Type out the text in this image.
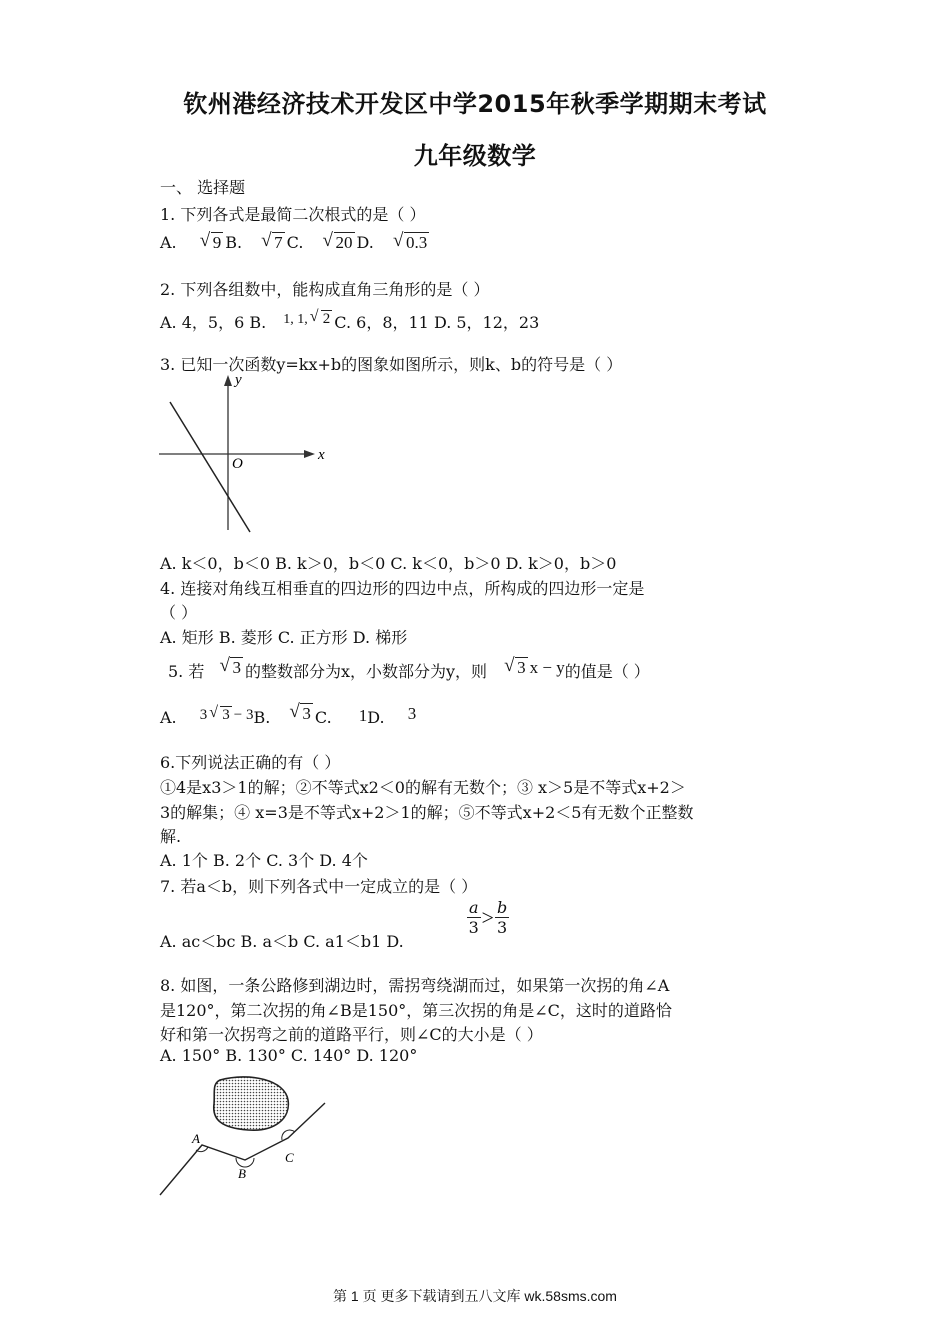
钦州港经济技术开发区中学2015年秋季学期期末考试
九年级数学
一、 选择题
1. 下列各式是最简二次根式的是（ ）
A. √ 9 B. √ 7 C. √ 20 D. √ 0.3
2. 下列各组数中，能构成直角三角形的是（ ）
A. 4，5，6 B. 1, 1, √ 2 C. 6，8，11 D. 5，12，23
3. 已知一次函数y=kx+b的图象如图所示，则k、b的符号是（ ）
x
y
O
A. k＜0，b＜0 B. k＞0，b＜0 C. k＜0，b＞0 D. k＞0，b＞0
4. 连接对角线互相垂直的四边形的四边中点，所构成的四边形一定是
（ ）
A. 矩形 B. 菱形 C. 正方形 D. 梯形
5. 若 √ 3 的整数部分为x，小数部分为y，则 √ 3 x − y的值是（ ）
A. 3 √ 3 − 3B. √ 3 C. 1D. 3
6.下列说法正确的有（ ）
①4是x3＞1的解；②不等式x2＜0的解有无数个；③ x＞5是不等式x+2＞
3的解集；④ x=3是不等式x+2＞1的解；⑤不等式x+2＜5有无数个正整数
解.
A. 1个 B. 2个 C. 3个 D. 4个
7. 若a＜b，则下列各式中一定成立的是（ ）
A. ac＜bc B. a＜b C. a1＜b1 D.
$\frac{a}{3}> \frac{b}{3}$
8. 如图，一条公路修到湖边时，需拐弯绕湖而过，如果第一次拐的角∠A
是120°，第二次拐的角∠B是150°，第三次拐的角是∠C，这时的道路恰
好和第一次拐弯之前的道路平行，则∠C的大小是（ ）
A. 150° B. 130° C. 140° D. 120°
A
B
C
第 1 页 更多下载请到五八文库 wk.58sms.com
